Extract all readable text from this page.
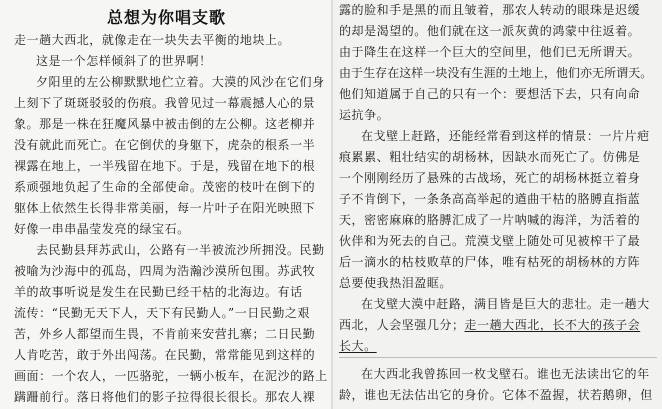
总想为你唱支歌
走一趟大西北，就像走在一块失去平衡的地块上。
这是一个怎样倾斜了的世界啊！
夕阳里的左公柳默默地伫立着。大漠的风沙在它们身
上刻下了斑斑驳驳的伤痕。我曾见过一幕震撼人心的景
象。那是一株在狂魔风暴中被击倒的左公柳。这老柳并
没有就此而死亡。在它倒伏的身躯下，虎杂的根系一半
裸露在地上，一半残留在地下。于是，残留在地下的根
系顽强地负起了生命的全部使命。茂密的枝叶在倒下的
躯体上依然生长得非常美丽，每一片叶子在阳光映照下
好像一串串晶莹发亮的绿宝石。
去民勤县拜苏武山，公路有一半被流沙所拥没。民勤
被喻为沙海中的孤岛，四周为浩瀚沙漠所包围。苏武牧
羊的故事听说是发生在民勤已经干枯的北海边。有话
流传：“民勤无天下人，天下有民勤人。”一日民勤之艰
苦，外乡人都望而生畏，不肯前来安营扎寨；二日民勤
人肯吃苦，敢于外出闯荡。在民勤，常常能见到这样的
画面：一个农人，一匹骆驼，一辆小板车，在泥沙的路上
蹒跚前行。落日将他们的影子拉得很长很长。那农人裸
露的脸和手是黑的而且皱着，那农人转动的眼珠是迟缓
的却是渴望的。他们就在这一派灰黄的鸿蒙中往返着。
由于降生在这样一个巨大的空间里，他们已无所谓天。
由于生存在这样一块没有生涯的土地上，他们亦无所谓天。
他们知道属于自己的只有一个：要想活下去，只有向命
运抗争。
在戈壁上赶路，还能经常看到这样的情景：一片片疤
痕累累、粗壮结实的胡杨林，因缺水而死亡了。仿佛是
一个刚刚经历了悬殊的古战场，死亡的胡杨林挺立着身
子不肯倒下，一条条高高举起的遒曲干枯的胳膊直指蓝
天，密密麻麻的胳膊汇成了一片呐喊的海洋，为活着的
伙伴和为死去的自己。荒漠戈壁上随处可见被榨干了最
后一滴水的枯枝败草的尸体，唯有枯死的胡杨林的方阵
总要使我热泪盈眶。
在戈壁大漠中赶路，满目皆是巨大的悲壮。走一趟大
西北，人会坚强几分；走一趟大西北，长不大的孩子会
长大。
在大西北我曾拣回一枚戈壁石。谁也无法读出它的年
龄，谁也无法估出它的身价。它体不盈握，状若鹅卵，但
